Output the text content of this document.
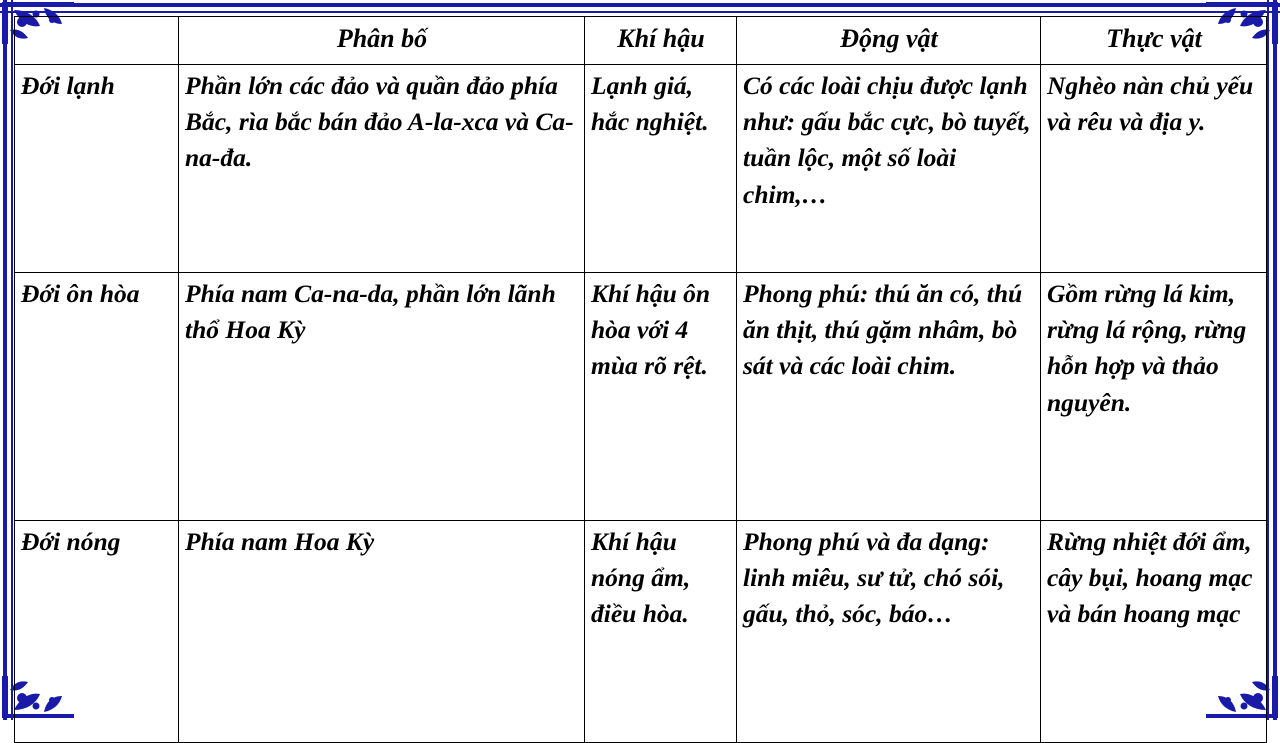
	Phân bố	Khí hậu	Động vật	Thực vật
Đới lạnh	Phần lớn các đảo và quần đảo phía Bắc, rìa bắc bán đảo A-la-xca và Ca-na-đa.	Lạnh giá, hắc nghiệt.	Có các loài chịu được lạnh như: gấu bắc cực, bò tuyết, tuần lộc, một số loài chim,…	Nghèo nàn chủ yếu và rêu và địa y.
Đới ôn hòa	Phía nam Ca-na-da, phần lớn lãnh thổ Hoa Kỳ	Khí hậu ôn hòa với 4 mùa rõ rệt.	Phong phú: thú ăn có, thú ăn thịt, thú gặm nhâm, bò sát và các loài chim.	Gồm rừng lá kim, rừng lá rộng, rừng hỗn hợp và thảo nguyên.
Đới nóng	Phía nam Hoa Kỳ	Khí hậu nóng ẩm, điều hòa.	Phong phú và đa dạng: linh miêu, sư tử, chó sói, gấu, thỏ, sóc, báo…	Rừng nhiệt đới ẩm, cây bụi, hoang mạc và bán hoang mạc
